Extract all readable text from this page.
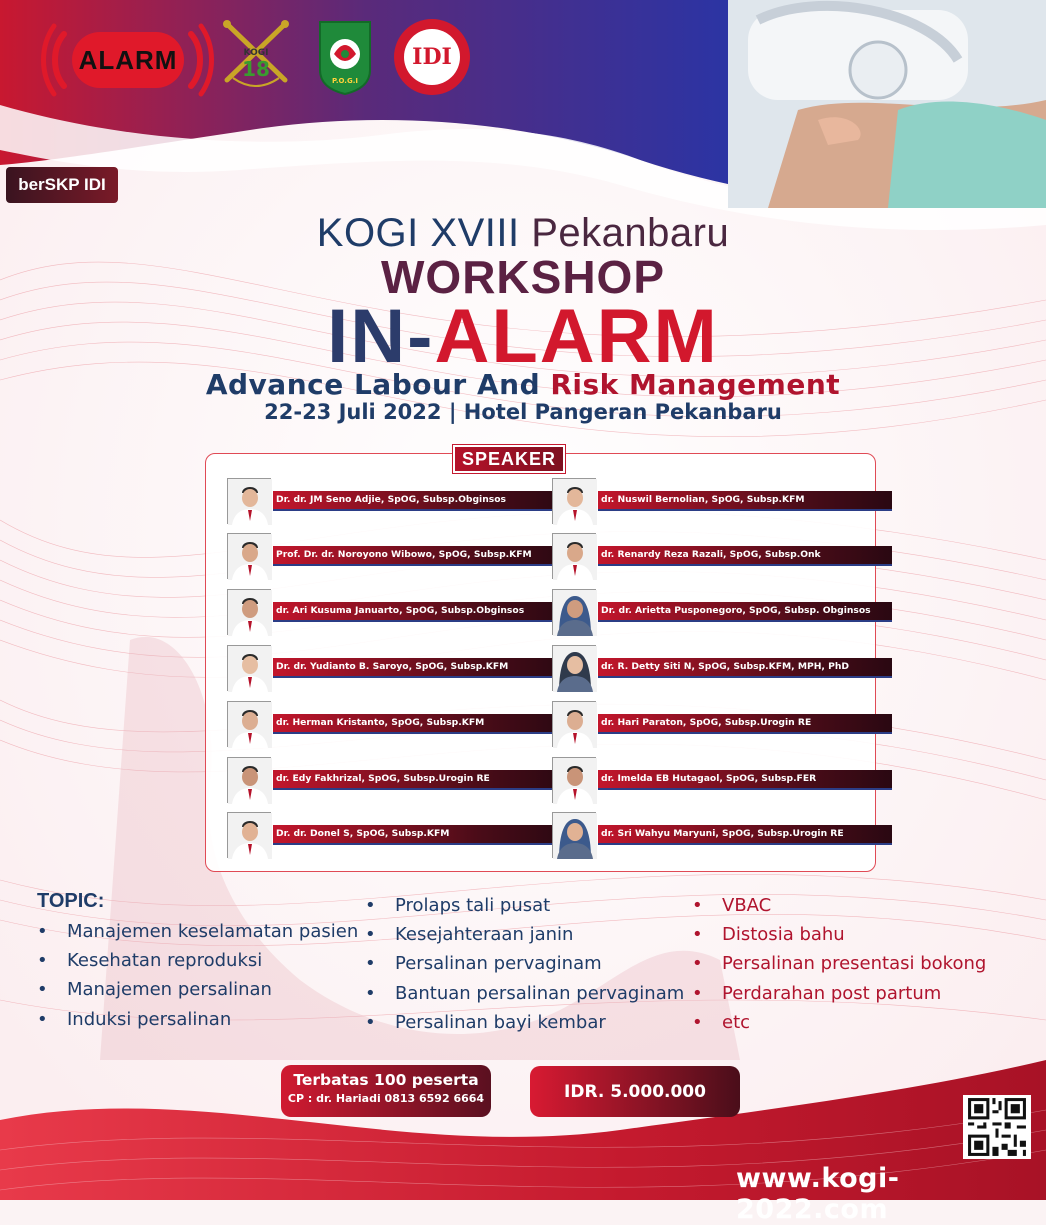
ALARM	KOGI
18	P.O.G.I
IDI
berSKP IDI
KOGI XVIII Pekanbaru
WORKSHOP
IN-ALARM
Advance Labour And Risk Management
22-23 Juli 2022 | Hotel Pangeran Pekanbaru
SPEAKER
Dr. dr. JM Seno Adjie, SpOG, Subsp.Obginsos
Prof. Dr. dr. Noroyono Wibowo, SpOG, Subsp.KFM
dr. Ari Kusuma Januarto, SpOG, Subsp.Obginsos
Dr. dr. Yudianto B. Saroyo, SpOG, Subsp.KFM
dr. Herman Kristanto, SpOG, Subsp.KFM
dr. Edy Fakhrizal, SpOG, Subsp.Urogin RE
Dr. dr. Donel S, SpOG, Subsp.KFM
dr. Nuswil Bernolian, SpOG, Subsp.KFM
dr. Renardy Reza Razali, SpOG, Subsp.Onk
Dr. dr. Arietta Pusponegoro, SpOG, Subsp. Obginsos
dr. R. Detty Siti N, SpOG, Subsp.KFM, MPH, PhD
dr. Hari Paraton, SpOG, Subsp.Urogin RE
dr. Imelda EB Hutagaol, SpOG, Subsp.FER
dr. Sri Wahyu Maryuni, SpOG, Subsp.Urogin RE
TOPIC:
• Manajemen keselamatan pasien
• Kesehatan reproduksi
• Manajemen persalinan
• Induksi persalinan
• Prolaps tali pusat
• Kesejahteraan janin
• Persalinan pervaginam
• Bantuan persalinan pervaginam
• Persalinan bayi kembar
• VBAC
• Distosia bahu
• Persalinan presentasi bokong
• Perdarahan post partum
• etc
Terbatas 100 peserta
CP : dr. Hariadi 0813 6592 6664	IDR. 5.000.000
www.kogi-2022.com
